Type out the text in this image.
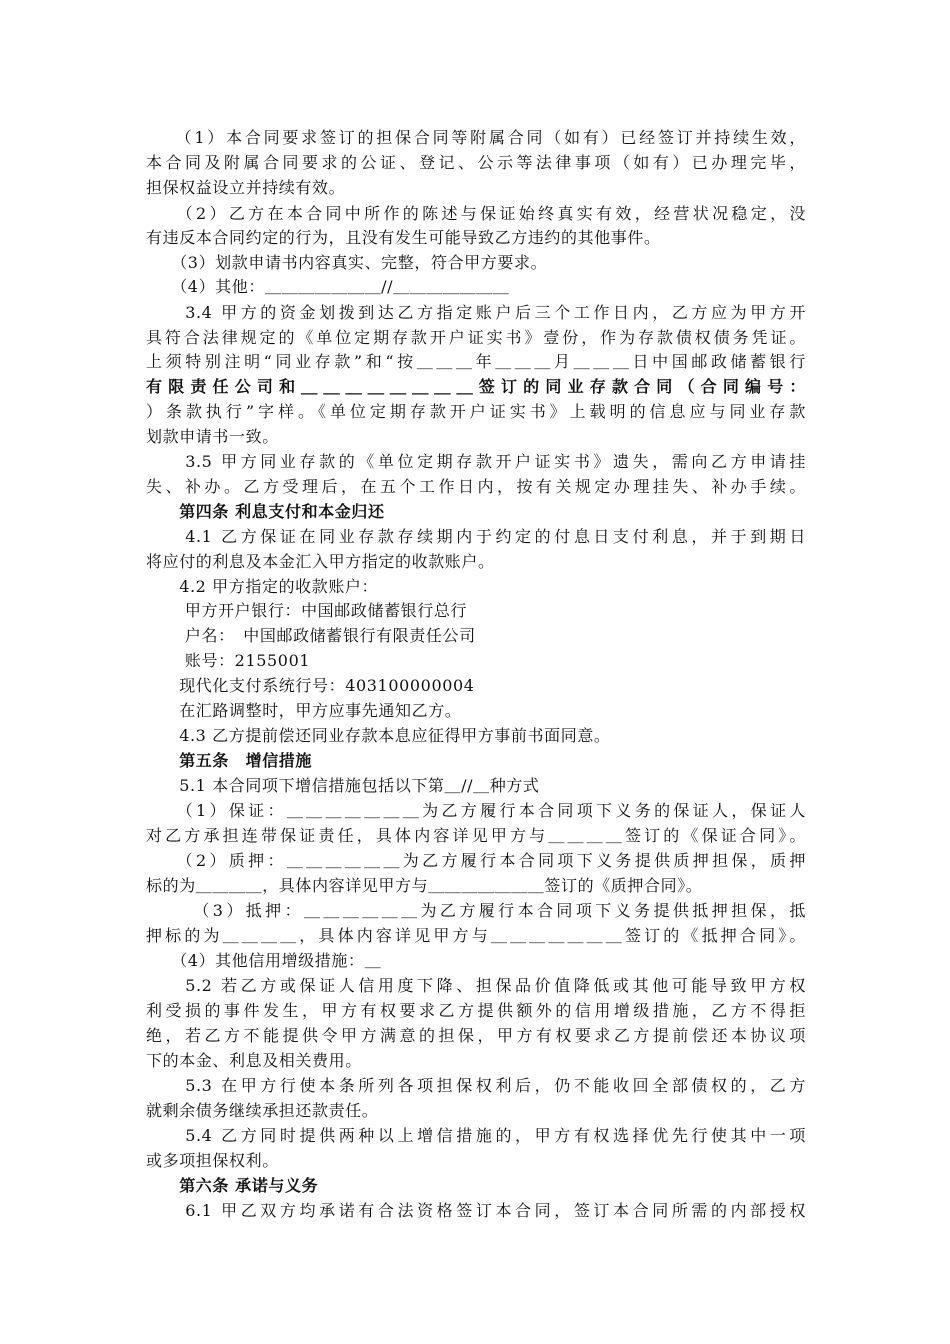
　　（1）本合同要求签订的担保合同等附属合同（如有）已经签订并持续生效，
本合同及附属合同要求的公证、登记、公示等法律事项（如有）已办理完毕，
担保权益设立并持续有效。
　　（2）乙方在本合同中所作的陈述与保证始终真实有效，经营状况稳定，没
有违反本合同约定的行为，且没有发生可能导致乙方违约的其他事件。
　　（3）划款申请书内容真实、完整，符合甲方要求。
　　（4）其他：＿＿＿＿＿＿＿//＿＿＿＿＿＿＿
　　3.4 甲方的资金划拨到达乙方指定账户后三个工作日内，乙方应为甲方开
具符合法律规定的《单位定期存款开户证实书》壹份，作为存款债权债务凭证。
上须特别注明“同业存款”和“按＿＿＿年＿＿＿月＿＿＿日中国邮政储蓄银行
有限责任公司和＿＿＿＿＿＿＿＿签订的同业存款合同（合同编号：
）条款执行”字样。《单位定期存款开户证实书》上载明的信息应与同业存款
划款申请书一致。
　　3.5 甲方同业存款的《单位定期存款开户证实书》遗失，需向乙方申请挂
失、补办。乙方受理后，在五个工作日内，按有关规定办理挂失、补办手续。
　　第四条 利息支付和本金归还
　　4.1 乙方保证在同业存款存续期内于约定的付息日支付利息，并于到期日
将应付的利息及本金汇入甲方指定的收款账户。
　　4.2 甲方指定的收款账户：
　　 甲方开户银行：中国邮政储蓄银行总行
　　 户名：　中国邮政储蓄银行有限责任公司
　　 账号：2155001
　　现代化支付系统行号：403100000004
　　在汇路调整时，甲方应事先通知乙方。
　　4.3 乙方提前偿还同业存款本息应征得甲方事前书面同意。
　　第五条　增信措施
　　5.1 本合同项下增信措施包括以下第＿//＿种方式
　　（1）保证：＿＿＿＿＿＿＿为乙方履行本合同项下义务的保证人，保证人
对乙方承担连带保证责任，具体内容详见甲方与＿＿＿＿签订的《保证合同》。
　　（2）质押：＿＿＿＿＿＿为乙方履行本合同项下义务提供质押担保，质押
标的为＿＿＿＿，具体内容详见甲方与＿＿＿＿＿＿＿签订的《质押合同》。
　　 （3）抵押：＿＿＿＿＿＿为乙方履行本合同项下义务提供抵押担保，抵
押标的为＿＿＿＿，具体内容详见甲方与＿＿＿＿＿＿＿签订的《抵押合同》。
　　（4）其他信用增级措施：＿
　　5.2 若乙方或保证人信用度下降、担保品价值降低或其他可能导致甲方权
利受损的事件发生，甲方有权要求乙方提供额外的信用增级措施，乙方不得拒
绝，若乙方不能提供令甲方满意的担保，甲方有权要求乙方提前偿还本协议项
下的本金、利息及相关费用。
　　5.3 在甲方行使本条所列各项担保权利后，仍不能收回全部债权的，乙方
就剩余债务继续承担还款责任。
　　5.4 乙方同时提供两种以上增信措施的，甲方有权选择优先行使其中一项
或多项担保权利。
　　第六条 承诺与义务
　　6.1 甲乙双方均承诺有合法资格签订本合同，签订本合同所需的内部授权
